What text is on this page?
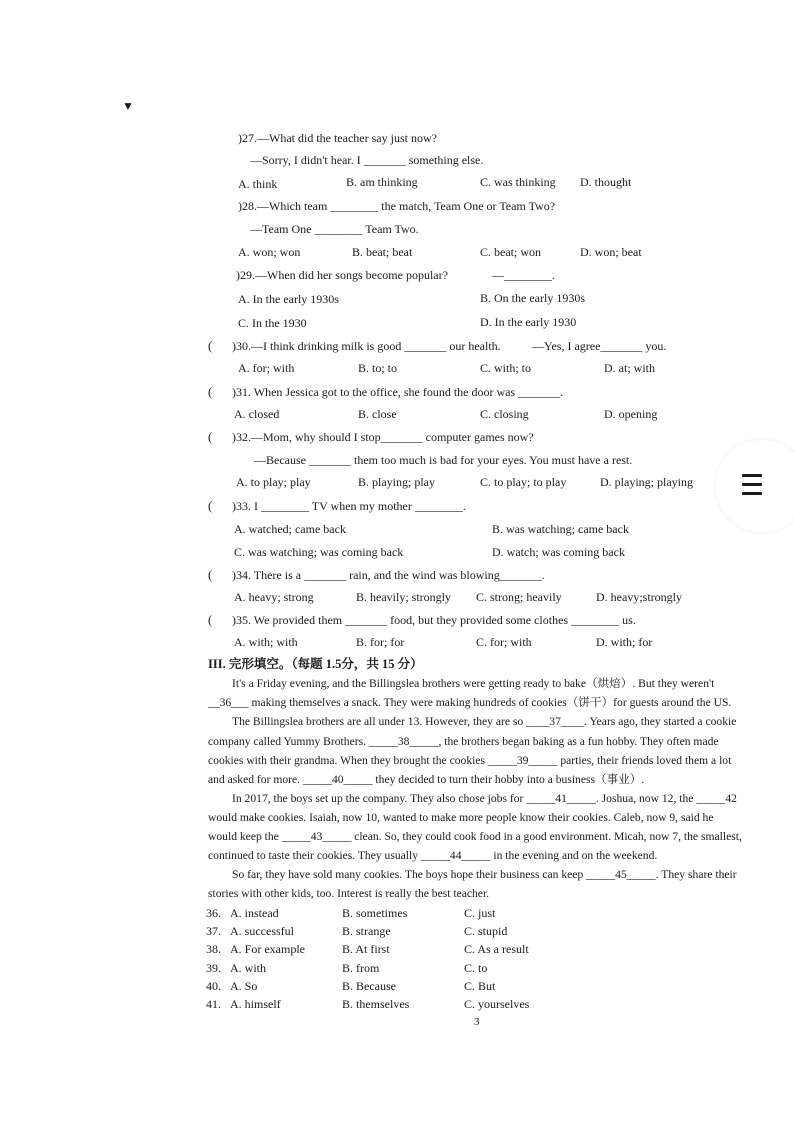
▼
)27.—What did the teacher say just now?
—Sorry, I didn't hear. I _______ something else.
A. think	B. am thinking	C. was thinking D. thought
)28.—Which team ________ the match, Team One or Team Two?
—Team One ________ Team Two.
A. won; won	B. beat; beat	C. beat; won	D. won; beat
)29.—When did her songs become popular?	—________.
A. In the early 1930s	B. On the early 1930s
C. In the 1930	D. In the early 1930
( )30.—I think drinking milk is good _______ our health.	—Yes, I agree_______ you.
A. for; with	B. to; to	C. with; to	D. at; with
( )31. When Jessica got to the office, she found the door was _______.
A. closed	B. close	C. closing	D. opening
( )32.—Mom, why should I stop_______ computer games now?
—Because _______ them too much is bad for your eyes. You must have a rest.
A. to play; play	B. playing; play	C. to play; to play	D. playing; playing
( )33. I ________ TV when my mother ________.
A. watched; came back	B. was watching; came back
C. was watching; was coming back	D. watch; was coming back
( )34. There is a _______ rain, and the wind was blowing_______.
A. heavy; strong	B. heavily; strongly C. strong; heavily	D. heavy;strongly
( )35. We provided them _______ food, but they provided some clothes ________ us.
A. with; with	B. for; for	C. for; with	D. with; for
III. 完形填空。（每题 1.5分，共 15 分）
It's a Friday evening, and the Billingslea brothers were getting ready to bake（烘焙）. But they weren't
__36___ making themselves a snack. They were making hundreds of cookies（饼干）for guests around the US.
The Billingslea brothers are all under 13. However, they are so ____37____. Years ago, they started a cookie
company called Yummy Brothers. _____38_____, the brothers began baking as a fun hobby. They often made
cookies with their grandma. When they brought the cookies _____39_____ parties, their friends loved them a lot
and asked for more. _____40_____ they decided to turn their hobby into a business（事业）.
In 2017, the boys set up the company. They also chose jobs for _____41_____. Joshua, now 12, the _____42
would make cookies. Isaiah, now 10, wanted to make more people know their cookies. Caleb, now 9, said he
would keep the _____43_____ clean. So, they could cook food in a good environment. Micah, now 7, the smallest,
continued to taste their cookies. They usually _____44_____ in the evening and on the weekend.
So far, they have sold many cookies. The boys hope their business can keep _____45_____. They share their
stories with other kids, too. Interest is really the best teacher.
36. A. instead	B. sometimes	C. just
37. A. successful	B. strange	C. stupid
38. A. For example	B. At first	C. As a result
39. A. with	B. from	C. to
40. A. So	B. Because	C. But
41. A. himself	B. themselves	C. yourselves
3
